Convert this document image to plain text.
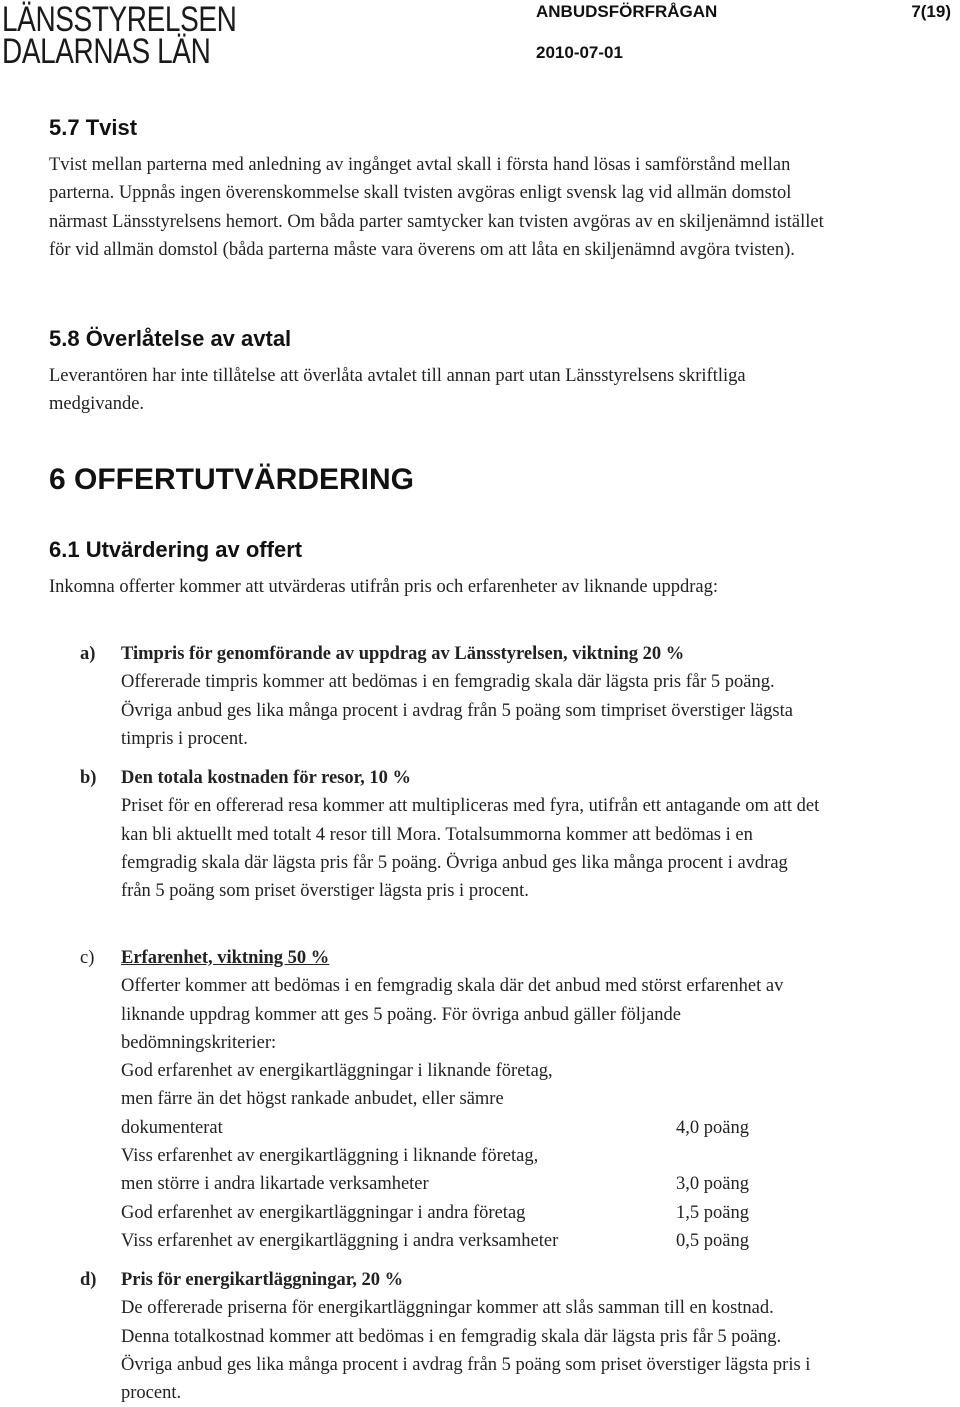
LÄNSSTYRELSEN
DALARNAS LÄN
ANBUDSFÖRFRÅGAN	7(19)
2010-07-01
5.7 Tvist

Tvist mellan parterna med anledning av ingånget avtal skall i första hand lösas i samförstånd mellan parterna. Uppnås ingen överenskommelse skall tvisten avgöras enligt svensk lag vid allmän domstol närmast Länsstyrelsens hemort. Om båda parter samtycker kan tvisten avgöras av en skiljenämnd istället för vid allmän domstol (båda parterna måste vara överens om att låta en skiljenämnd avgöra tvisten).

5.8 Överlåtelse av avtal

Leverantören har inte tillåtelse att överlåta avtalet till annan part utan Länsstyrelsens skriftliga medgivande.

6 OFFERTUTVÄRDERING
6.1 Utvärdering av offert

Inkomna offerter kommer att utvärderas utifrån pris och erfarenheter av liknande uppdrag:

a)	Timpris för genomförande av uppdrag av Länsstyrelsen, viktning 20 %
Offererade timpris kommer att bedömas i en femgradig skala där lägsta pris får 5 poäng. Övriga anbud ges lika många procent i avdrag från 5 poäng som timpriset överstiger lägsta timpris i procent.
b)	Den totala kostnaden för resor, 10 %
Priset för en offererad resa kommer att multipliceras med fyra, utifrån ett antagande om att det kan bli aktuellt med totalt 4 resor till Mora. Totalsummorna kommer att bedömas i en femgradig skala där lägsta pris får 5 poäng. Övriga anbud ges lika många procent i avdrag från 5 poäng som priset överstiger lägsta pris i procent.
c)	Erfarenhet, viktning 50 %
Offerter kommer att bedömas i en femgradig skala där det anbud med störst erfarenhet av liknande uppdrag kommer att ges 5 poäng. För övriga anbud gäller följande bedömningskriterier:
God erfarenhet av energikartläggningar i liknande företag,
men färre än det högst rankade anbudet, eller sämre
dokumenterat	4,0 poäng
Viss erfarenhet av energikartläggning i liknande företag,
men större i andra likartade verksamheter	3,0 poäng
God erfarenhet av energikartläggningar i andra företag	1,5 poäng
Viss erfarenhet av energikartläggning i andra verksamheter	0,5 poäng
d)	Pris för energikartläggningar, 20 %
De offererade priserna för energikartläggningar kommer att slås samman till en kostnad. Denna totalkostnad kommer att bedömas i en femgradig skala där lägsta pris får 5 poäng. Övriga anbud ges lika många procent i avdrag från 5 poäng som priset överstiger lägsta pris i procent.
